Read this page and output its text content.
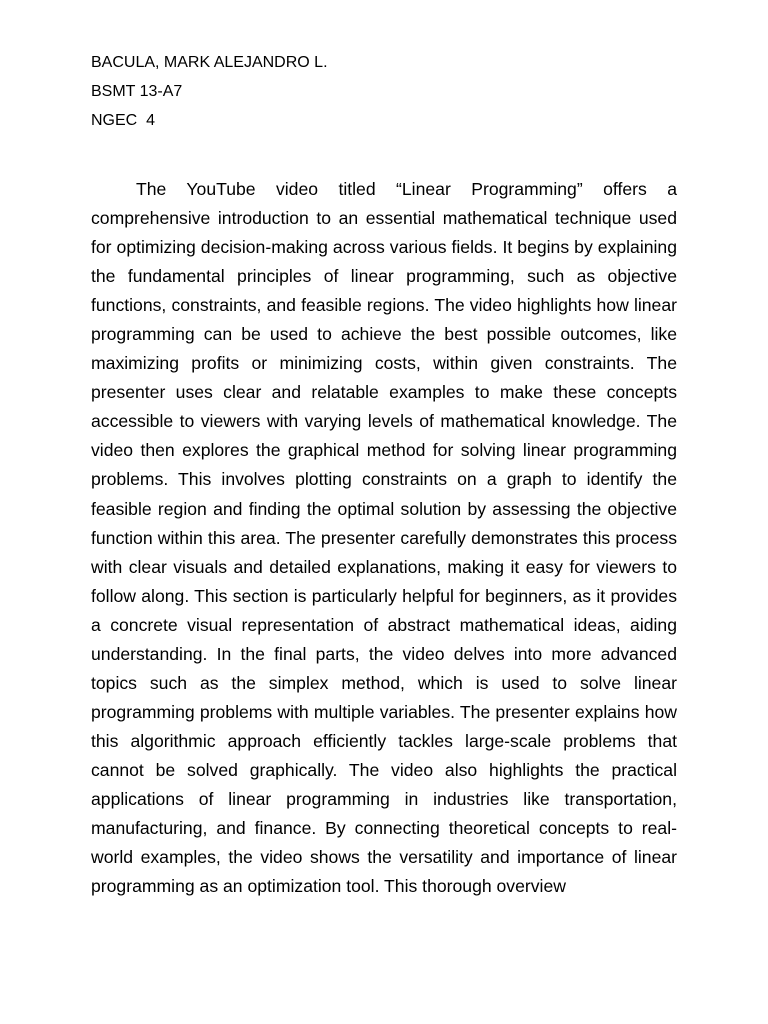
BACULA, MARK ALEJANDRO L.
BSMT 13-A7
NGEC  4

The YouTube video titled “Linear Programming” offers a comprehensive introduction to an essential mathematical technique used for optimizing decision-making across various fields. It begins by explaining the fundamental principles of linear programming, such as objective functions, constraints, and feasible regions. The video highlights how linear programming can be used to achieve the best possible outcomes, like maximizing profits or minimizing costs, within given constraints. The presenter uses clear and relatable examples to make these concepts accessible to viewers with varying levels of mathematical knowledge. The video then explores the graphical method for solving linear programming problems. This involves plotting constraints on a graph to identify the feasible region and finding the optimal solution by assessing the objective function within this area. The presenter carefully demonstrates this process with clear visuals and detailed explanations, making it easy for viewers to follow along. This section is particularly helpful for beginners, as it provides a concrete visual representation of abstract mathematical ideas, aiding understanding. In the final parts, the video delves into more advanced topics such as the simplex method, which is used to solve linear programming problems with multiple variables. The presenter explains how this algorithmic approach efficiently tackles large-scale problems that cannot be solved graphically. The video also highlights the practical applications of linear programming in industries like transportation, manufacturing, and finance. By connecting theoretical concepts to real-world examples, the video shows the versatility and importance of linear programming as an optimization tool. This thorough overview
